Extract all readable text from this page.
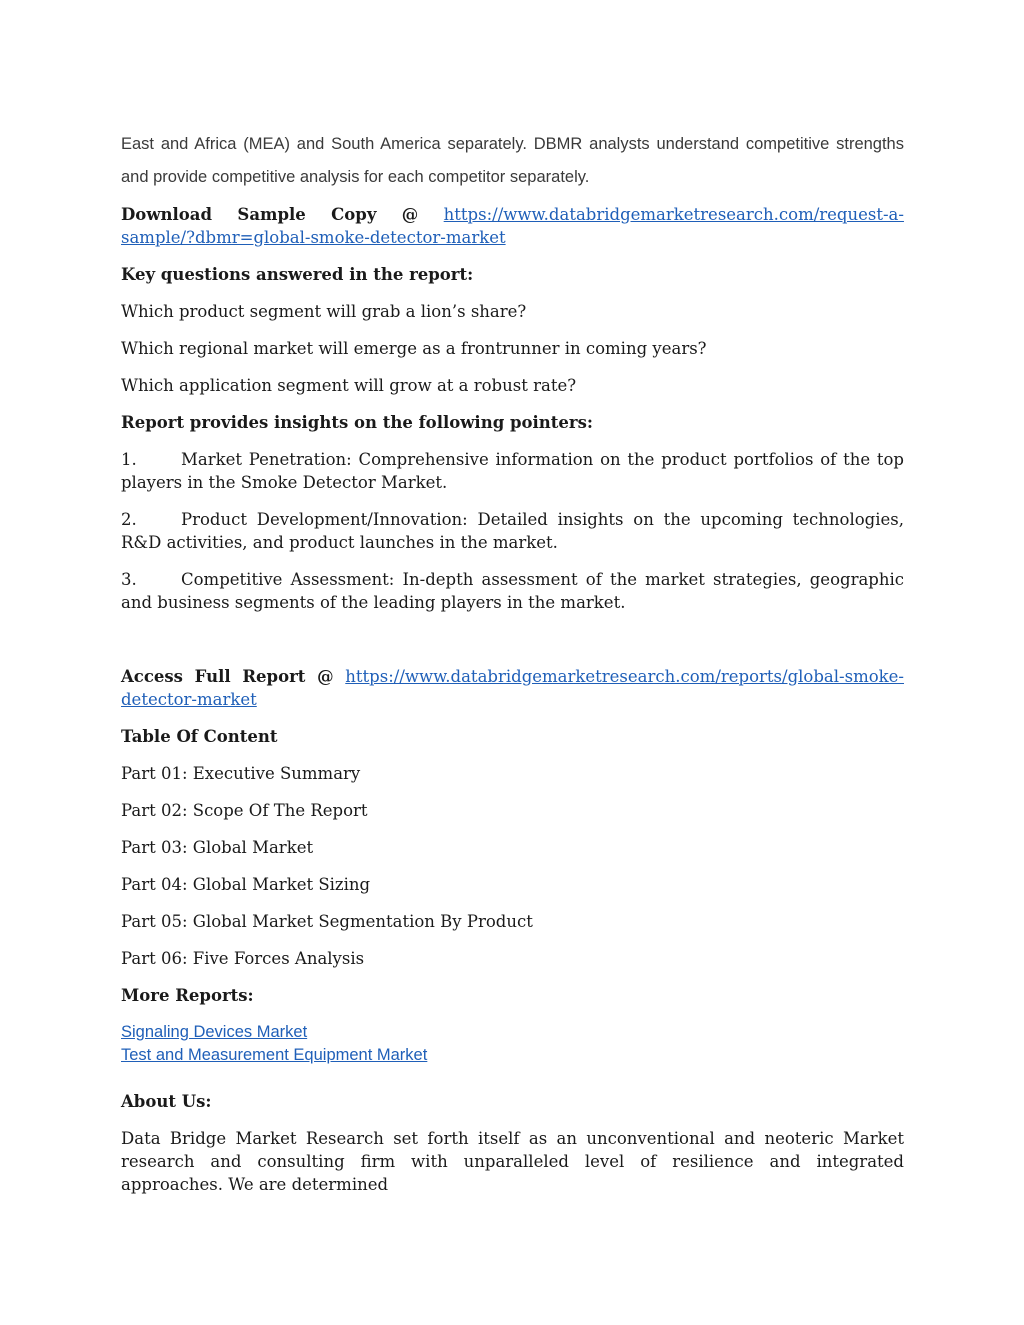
East and Africa (MEA) and South America separately. DBMR analysts understand competitive strengths and provide competitive analysis for each competitor separately.

Download Sample Copy @ https://www.databridgemarketresearch.com/request-a-

sample/?dbmr=global-smoke-detector-market

Key questions answered in the report:

Which product segment will grab a lion’s share?

Which regional market will emerge as a frontrunner in coming years?

Which application segment will grow at a robust rate?

Report provides insights on the following pointers:

1.	Market Penetration: Comprehensive information on the product portfolios of the top players in the Smoke Detector Market.

2.	Product Development/Innovation: Detailed insights on the upcoming technologies, R&D activities, and product launches in the market.

3.	Competitive Assessment: In-depth assessment of the market strategies, geographic and business segments of the leading players in the market.

Access Full Report @ https://www.databridgemarketresearch.com/reports/global-smoke-

detector-market

Table Of Content

Part 01: Executive Summary

Part 02: Scope Of The Report

Part 03: Global Market

Part 04: Global Market Sizing

Part 05: Global Market Segmentation By Product

Part 06: Five Forces Analysis

More Reports:

Signaling Devices Market
Test and Measurement Equipment Market

About Us:

Data Bridge Market Research set forth itself as an unconventional and neoteric Market research and consulting firm with unparalleled level of resilience and integrated approaches. We are determined
